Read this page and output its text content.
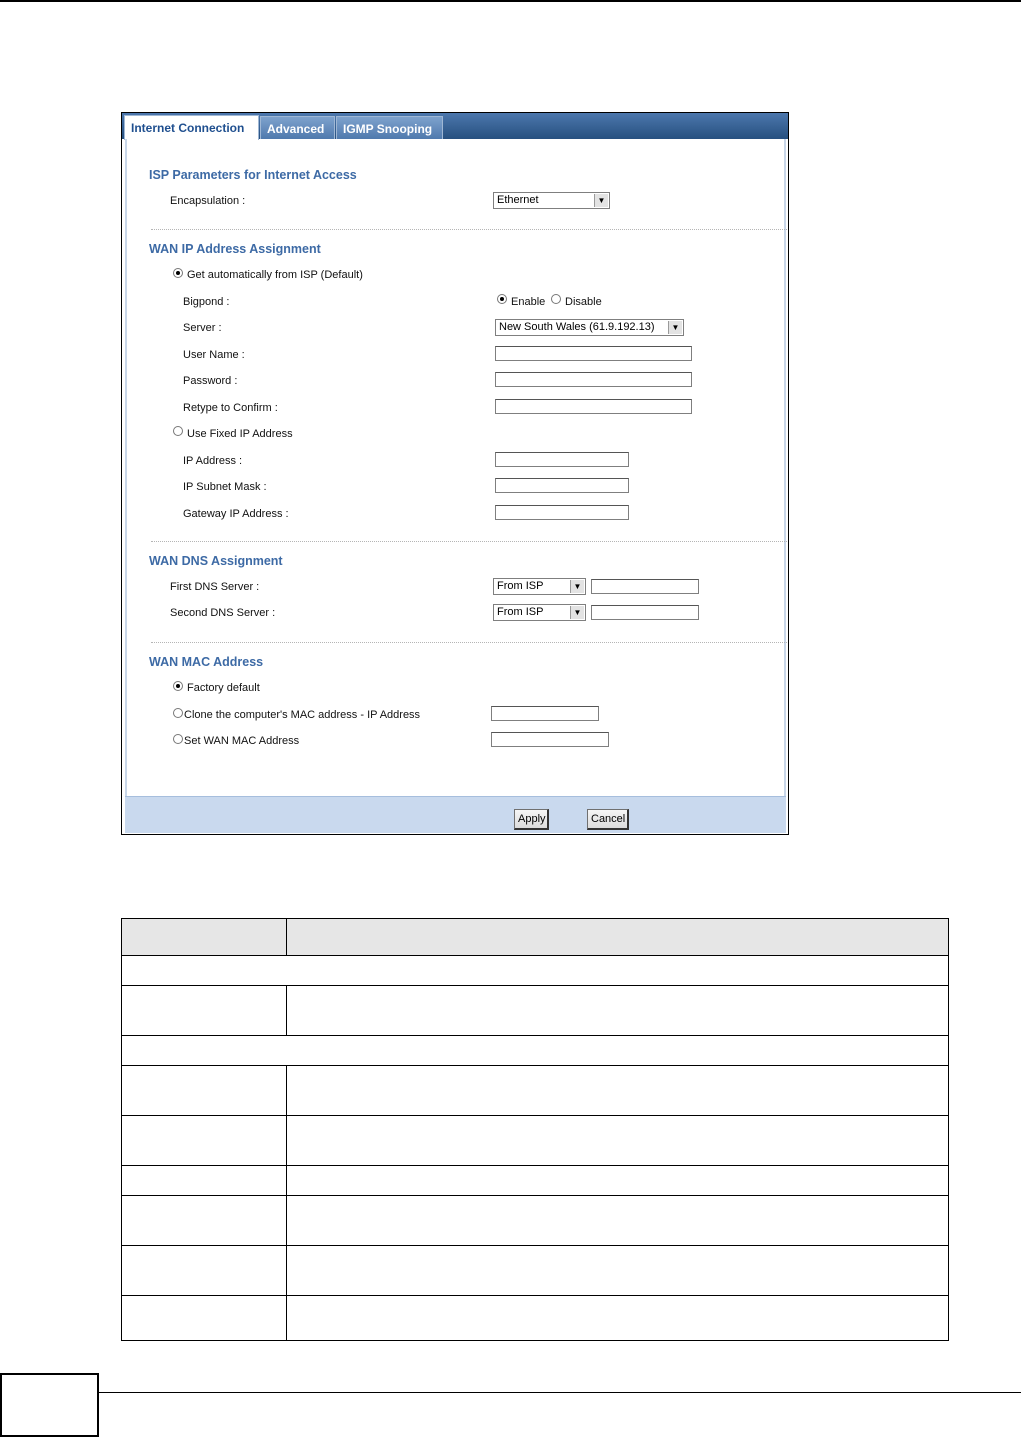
Internet Connection	Advanced	IGMP Snooping
ISP Parameters for Internet Access
Encapsulation :	Ethernet	▼
WAN IP Address Assignment
Get automatically from ISP (Default)
Bigpond :	Enable Disable
Server :	New South Wales (61.9.192.13)	▼
User Name :
Password :
Retype to Confirm :
Use Fixed IP Address
IP Address :
IP Subnet Mask :
Gateway IP Address :
WAN DNS Assignment
First DNS Server :	From ISP	▼
Second DNS Server :	From ISP	▼
WAN MAC Address
Factory default
Clone the computer's MAC address - IP Address
Set WAN MAC Address
Apply	Cancel
